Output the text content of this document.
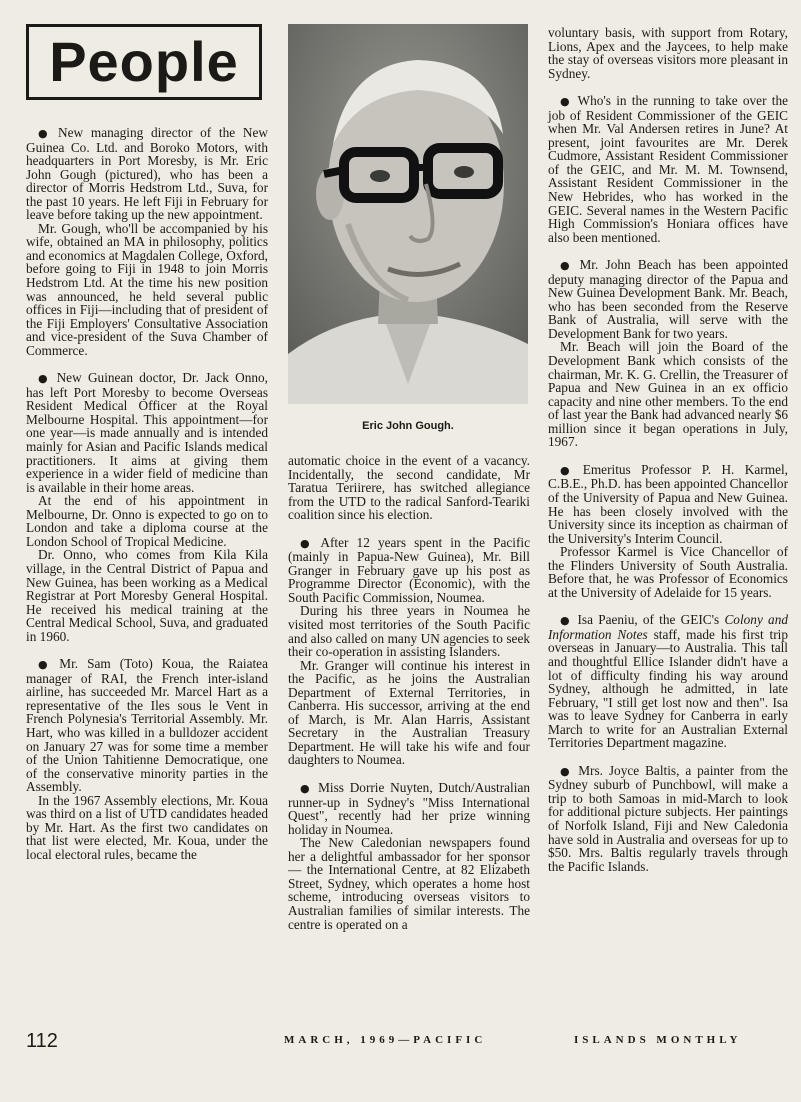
People

● New managing director of the New Guinea Co. Ltd. and Boroko Motors, with headquarters in Port Moresby, is Mr. Eric John Gough (pictured), who has been a director of Morris Hedstrom Ltd., Suva, for the past 10 years. He left Fiji in February for leave before taking up the new appointment.

Mr. Gough, who'll be accompanied by his wife, obtained an MA in philosophy, politics and economics at Magdalen College, Oxford, before going to Fiji in 1948 to join Morris Hedstrom Ltd. At the time his new position was announced, he held several public offices in Fiji—including that of president of the Fiji Employers' Consultative Association and vice-president of the Suva Chamber of Commerce.

● New Guinean doctor, Dr. Jack Onno, has left Port Moresby to become Overseas Resident Medical Officer at the Royal Melbourne Hospital. This appointment—for one year—is made annually and is intended mainly for Asian and Pacific Islands medical practitioners. It aims at giving them experience in a wider field of medicine than is available in their home areas.

At the end of his appointment in Melbourne, Dr. Onno is expected to go on to London and take a diploma course at the London School of Tropical Medicine.

Dr. Onno, who comes from Kila Kila village, in the Central District of Papua and New Guinea, has been working as a Medical Registrar at Port Moresby General Hospital. He received his medical training at the Central Medical School, Suva, and graduated in 1960.

● Mr. Sam (Toto) Koua, the Raiatea manager of RAI, the French inter-island airline, has succeeded Mr. Marcel Hart as a representative of the Iles sous le Vent in French Polynesia's Territorial Assembly. Mr. Hart, who was killed in a bulldozer accident on January 27 was for some time a member of the Union Tahitienne Democratique, one of the conservative minority parties in the Assembly.

In the 1967 Assembly elections, Mr. Koua was third on a list of UTD candidates headed by Mr. Hart. As the first two candidates on that list were elected, Mr. Koua, under the local electoral rules, became the

Eric John Gough.

automatic choice in the event of a vacancy. Incidentally, the second candidate, Mr Taratua Teriirere, has switched allegiance from the UTD to the radical Sanford-Teariki coalition since his election.

● After 12 years spent in the Pacific (mainly in Papua-New Guinea), Mr. Bill Granger in February gave up his post as Programme Director (Economic), with the South Pacific Commission, Noumea.

During his three years in Noumea he visited most territories of the South Pacific and also called on many UN agencies to seek their co-operation in assisting Islanders.

Mr. Granger will continue his interest in the Pacific, as he joins the Australian Department of External Territories, in Canberra. His successor, arriving at the end of March, is Mr. Alan Harris, Assistant Secretary in the Australian Treasury Department. He will take his wife and four daughters to Noumea.

● Miss Dorrie Nuyten, Dutch/Australian runner-up in Sydney's "Miss International Quest", recently had her prize winning holiday in Noumea.

The New Caledonian newspapers found her a delightful ambassador for her sponsor — the International Centre, at 82 Elizabeth Street, Sydney, which operates a home host scheme, introducing overseas visitors to Australian families of similar interests. The centre is operated on a

voluntary basis, with support from Rotary, Lions, Apex and the Jaycees, to help make the stay of overseas visitors more pleasant in Sydney.

● Who's in the running to take over the job of Resident Commissioner of the GEIC when Mr. Val Andersen retires in June? At present, joint favourites are Mr. Derek Cudmore, Assistant Resident Commissioner of the GEIC, and Mr. M. M. Townsend, Assistant Resident Commissioner in the New Hebrides, who has worked in the GEIC. Several names in the Western Pacific High Commission's Honiara offices have also been mentioned.

● Mr. John Beach has been appointed deputy managing director of the Papua and New Guinea Development Bank. Mr. Beach, who has been seconded from the Reserve Bank of Australia, will serve with the Development Bank for two years.

Mr. Beach will join the Board of the Development Bank which consists of the chairman, Mr. K. G. Crellin, the Treasurer of Papua and New Guinea in an ex officio capacity and nine other members. To the end of last year the Bank had advanced nearly $6 million since it began operations in July, 1967.

● Emeritus Professor P. H. Karmel, C.B.E., Ph.D. has been appointed Chancellor of the University of Papua and New Guinea. He has been closely involved with the University since its inception as chairman of the University's Interim Council.

Professor Karmel is Vice Chancellor of the Flinders University of South Australia. Before that, he was Professor of Economics at the University of Adelaide for 15 years.

● Isa Paeniu, of the GEIC's Colony and Information Notes staff, made his first trip overseas in January—to Australia. This tall and thoughtful Ellice Islander didn't have a lot of difficulty finding his way around Sydney, although he admitted, in late February, "I still get lost now and then". Isa was to leave Sydney for Canberra in early March to write for an Australian External Territories Department magazine.

● Mrs. Joyce Baltis, a painter from the Sydney suburb of Punchbowl, will make a trip to both Samoas in mid-March to look for additional picture subjects. Her paintings of Norfolk Island, Fiji and New Caledonia have sold in Australia and overseas for up to $50. Mrs. Baltis regularly travels through the Pacific Islands.

112	MARCH, 1969—PACIFIC	ISLANDS MONTHLY
